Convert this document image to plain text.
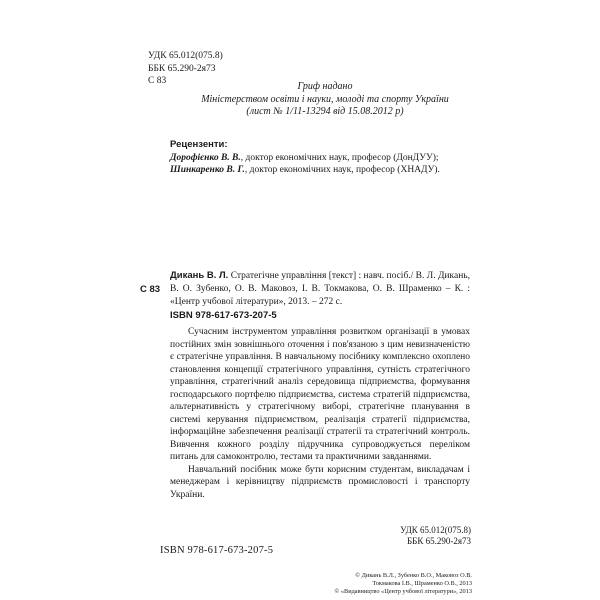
УДК 65.012(075.8)
ББК 65.290-2я73
С 83	Гриф надано
Міністерством освіти і науки, молоді та спорту України
(лист № 1/11-13294 від 15.08.2012 р)
Рецензенти:
Дорофієнко В. В., доктор економічних наук, професор (ДонДУУ);
Шинкаренко В. Г., доктор економічних наук, професор (ХНАДУ).
С 83
Дикань В. Л. Стратегічне управління [текст] : навч. посіб./ В. Л. Дикань, В. О. Зубенко, О. В. Маковоз, І. В. Токмакова, О. В. Шраменко – К. : «Центр учбової літератури», 2013. – 272 с.
ISBN 978-617-673-207-5

Сучасним інструментом управління розвитком організації в умовах постійних змін зовнішнього оточення і пов'язаною з цим невизначеністю є стратегічне управління. В навчальному посібнику комплексно охоплено становлення концепції стратегічного управління, сутність стратегічного управління, стратегічний аналіз середовища підприємства, формування господарського портфелю підприємства, система стратегій підприємства, альтернативність у стратегічному виборі, стратегічне планування в системі керування підприємством, реалізація стратегії підприємства, інформаційне забезпечення реалізації стратегії та стратегічний контроль. Вивчення кожного розділу підручника супроводжується переліком питань для самоконтролю, тестами та практичними завданнями.

Навчальний посібник може бути корисним студентам, викладачам і менеджерам і керівництву підприємств промисловості і транспорту України.

УДК 65.012(075.8)
ББК 65.290-2я73
ISBN 978-617-673-207-5
© Дикань В.Л., Зубенко В.О., Маковоз О.В.
Токмакова І.В., Шраменко О.В., 2013
© «Видавництво «Центр учбової літератури», 2013
